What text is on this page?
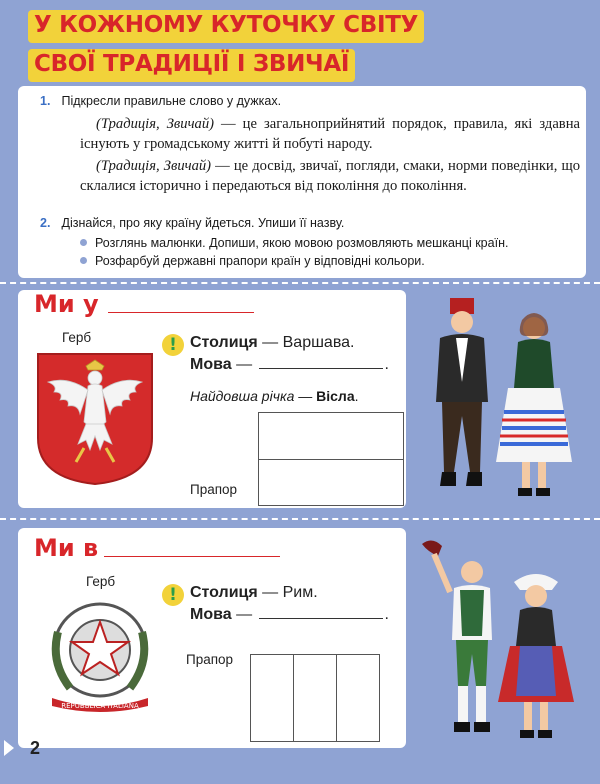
У КОЖНОМУ КУТОЧКУ СВІТУ
СВОЇ ТРАДИЦІЇ І ЗВИЧАЇ
1. Підкресли правильне слово у дужках.
(Традиція, Звичай) — це загальноприйнятий порядок, правила, які здавна існують у громадському житті й побуті народу.
(Традиція, Звичай) — це досвід, звичаї, погляди, смаки, норми поведінки, що склалися історично і передаються від покоління до покоління.
2. Дізнайся, про яку країну йдеться. Упиши її назву.
Розглянь малюнки. Допиши, якою мовою розмовляють мешканці країн.
Розфарбуй державні прапори країн у відповідні кольори.
Ми у
Герб	! Столиця — Варшава.
Мова —	.
Найдовша річка — Вісла.
Прапор
Ми в
Герб
REPUBBLICA ITALIANA
! Столиця — Рим.
Мова —	.
Прапор
2
